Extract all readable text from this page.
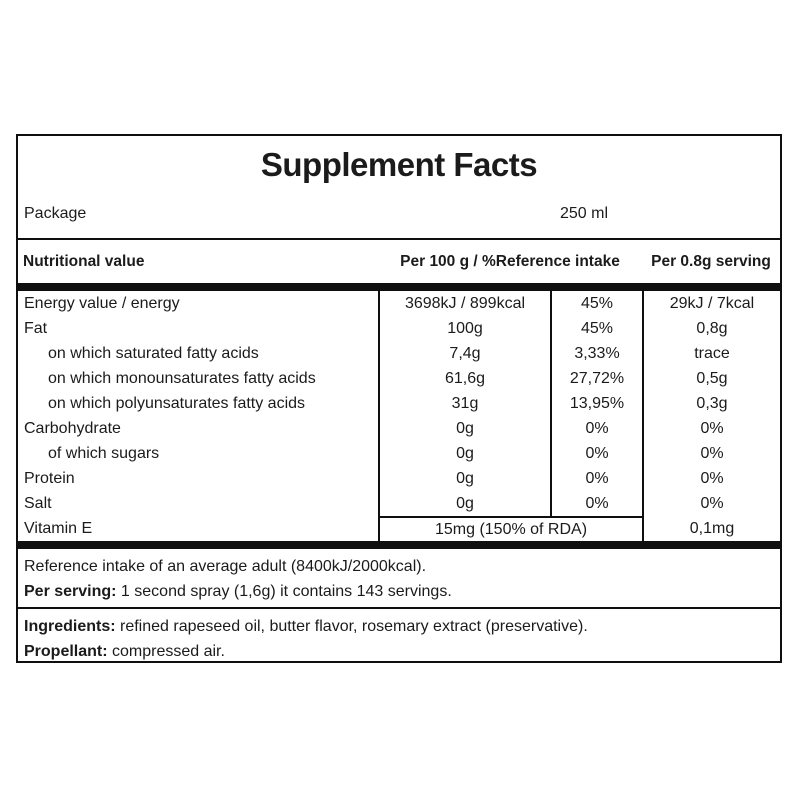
Supplement Facts
Package	250 ml
Nutritional value	Per 100 g / %Reference intake	Per 0.8g serving
Energy value / energy	3698kJ / 899kcal	45%	29kJ / 7kcal
Fat	100g	45%	0,8g
on which saturated fatty acids	7,4g	3,33%	trace
on which monounsaturates fatty acids	61,6g	27,72%	0,5g
on which polyunsaturates fatty acids	31g	13,95%	0,3g
Carbohydrate	0g	0%	0%
of which sugars	0g	0%	0%
Protein	0g	0%	0%
Salt	0g	0%	0%
Vitamin E	15mg (150% of RDA)	0,1mg
Reference intake of an average adult (8400kJ/2000kcal).
Per serving: 1 second spray (1,6g) it contains 143 servings.
Ingredients: refined rapeseed oil, butter flavor, rosemary extract (preservative).
Propellant: compressed air.
